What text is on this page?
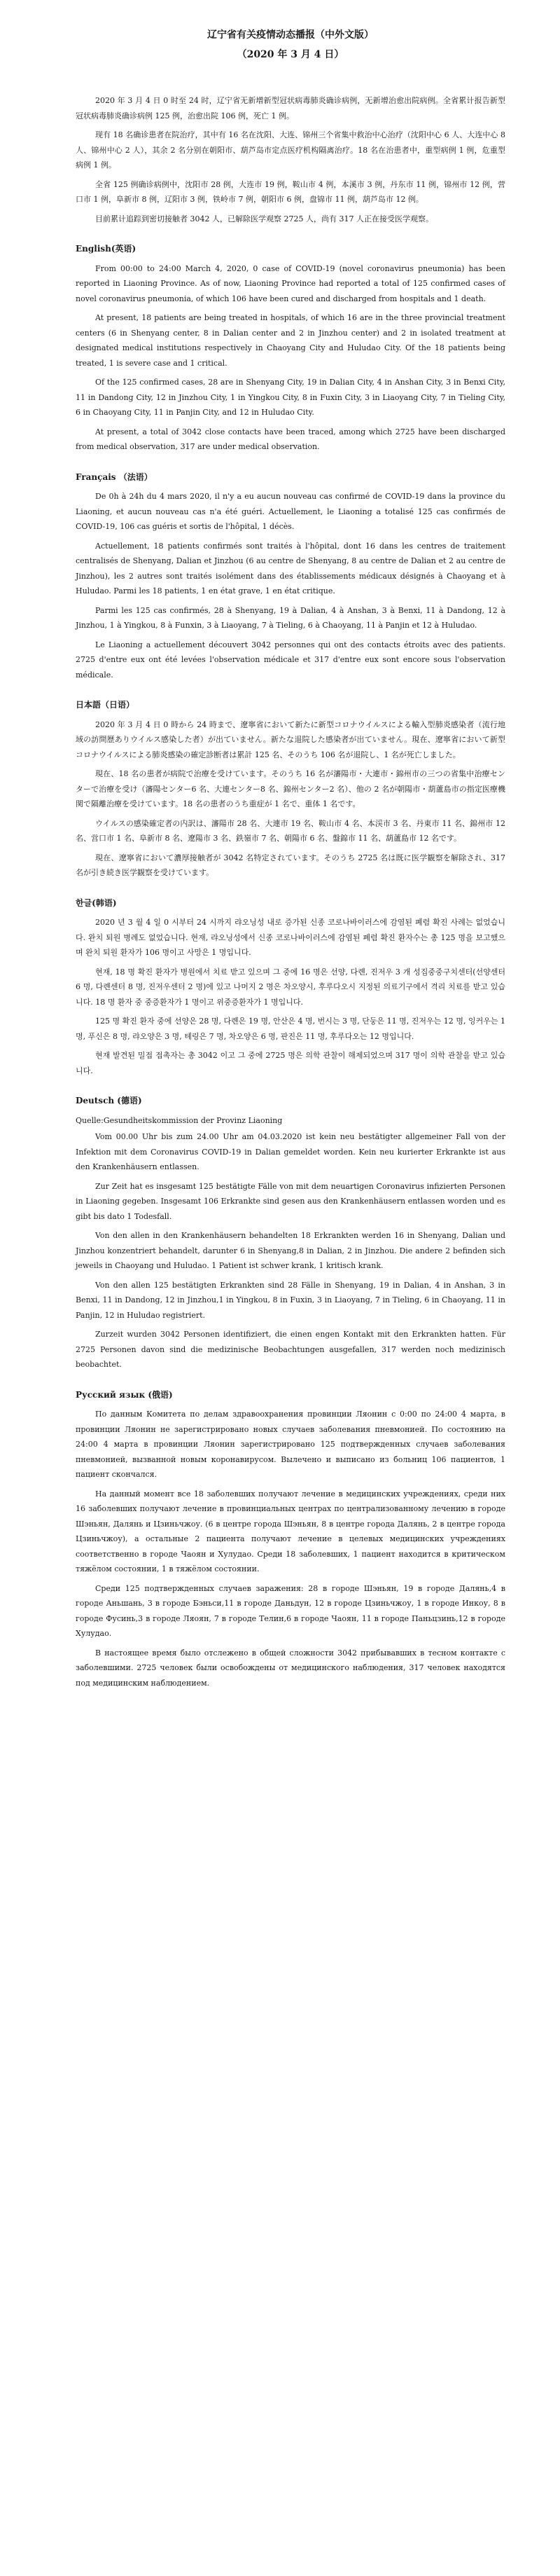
辽宁省有关疫情动态播报（中外文版）

（2020 年 3 月 4 日）

2020 年 3 月 4 日 0 时至 24 时，辽宁省无新增新型冠状病毒肺炎确诊病例，无新增治愈出院病例。全省累计报告新型冠状病毒肺炎确诊病例 125 例，治愈出院 106 例，死亡 1 例。

现有 18 名确诊患者在院治疗，其中有 16 名在沈阳、大连、锦州三个省集中救治中心治疗（沈阳中心 6 人、大连中心 8 人、锦州中心 2 人），其余 2 名分别在朝阳市、葫芦岛市定点医疗机构隔离治疗。18 名在治患者中，重型病例 1 例，危重型病例 1 例。

全省 125 例确诊病例中，沈阳市 28 例，大连市 19 例，鞍山市 4 例，本溪市 3 例，丹东市 11 例，锦州市 12 例，营口市 1 例，阜新市 8 例，辽阳市 3 例，铁岭市 7 例，朝阳市 6 例，盘锦市 11 例，葫芦岛市 12 例。

目前累计追踪到密切接触者 3042 人，已解除医学观察 2725 人，尚有 317 人正在接受医学观察。

English(英语)

From 00:00 to 24:00 March 4, 2020, 0 case of COVID-19 (novel coronavirus pneumonia) has been reported in Liaoning Province. As of now, Liaoning Province had reported a total of 125 confirmed cases of novel coronavirus pneumonia, of which 106 have been cured and discharged from hospitals and 1 death.

At present, 18 patients are being treated in hospitals, of which 16 are in the three provincial treatment centers (6 in Shenyang center, 8 in Dalian center and 2 in Jinzhou center) and 2 in isolated treatment at designated medical institutions respectively in Chaoyang City and Huludao City. Of the 18 patients being treated, 1 is severe case and 1 critical.

Of the 125 confirmed cases, 28 are in Shenyang City, 19 in Dalian City, 4 in Anshan City, 3 in Benxi City, 11 in Dandong City, 12 in Jinzhou City, 1 in Yingkou City, 8 in Fuxin City, 3 in Liaoyang City, 7 in Tieling City, 6 in Chaoyang City, 11 in Panjin City, and 12 in Huludao City.

At present, a total of 3042 close contacts have been traced, among which 2725 have been discharged from medical observation, 317 are under medical observation.

Français （法语）

De 0h à 24h du 4 mars 2020, il n'y a eu aucun nouveau cas confirmé de COVID-19 dans la province du Liaoning, et aucun nouveau cas n'a été guéri. Actuellement, le Liaoning a totalisé 125 cas confirmés de COVID-19, 106 cas guéris et sortis de l'hôpital, 1 décès.

Actuellement, 18 patients confirmés sont traités à l'hôpital, dont 16 dans les centres de traitement centralisés de Shenyang, Dalian et Jinzhou (6 au centre de Shenyang, 8 au centre de Dalian et 2 au centre de Jinzhou), les 2 autres sont traités isolément dans des établissements médicaux désignés à Chaoyang et à Huludao. Parmi les 18 patients, 1 en état grave, 1 en état critique.

Parmi les 125 cas confirmés, 28 à Shenyang, 19 à Dalian, 4 à Anshan, 3 à Benxi, 11 à Dandong, 12 à Jinzhou, 1 à Yingkou, 8 à Funxin, 3 à Liaoyang, 7 à Tieling, 6 à Chaoyang, 11 à Panjin et 12 à Huludao.

Le Liaoning a actuellement découvert 3042 personnes qui ont des contacts étroits avec des patients. 2725 d'entre eux ont été levées l'observation médicale et 317 d'entre eux sont encore sous l'observation médicale.

日本語（日语）

2020 年 3 月 4 日 0 時から 24 時まで、遼寧省において新たに新型コロナウイルスによる輸入型肺炎感染者（流行地域の訪問歴ありウイルス感染した者）が出ていません。新たな退院した感染者が出ていません。現在、遼寧省において新型コロナウイルスによる肺炎感染の確定診断者は累計 125 名、そのうち 106 名が退院し、1 名が死亡しました。

現在、18 名の患者が病院で治療を受けています。そのうち 16 名が瀋陽市・大連市・錦州市の三つの省集中治療センターで治療を受け（瀋陽センター6 名、大連センター8 名、錦州センター2 名）、他の 2 名が朝陽市・葫蘆島市の指定医療機関で隔離治療を受けています。18 名の患者のうち重症が 1 名で、重体 1 名です。

ウイルスの感染確定者の内訳は、瀋陽市 28 名、大連市 19 名、鞍山市 4 名、本渓市 3 名、丹東市 11 名、錦州市 12 名、営口市 1 名、阜新市 8 名、遼陽市 3 名、鉄嶺市 7 名、朝陽市 6 名、盤錦市 11 名、葫蘆島市 12 名です。

現在、遼寧省において濃厚接触者が 3042 名特定されています。そのうち 2725 名は既に医学観察を解除され、317 名が引き続き医学観察を受けています。

한글(韩语)

2020 년 3 월 4 일 0 시부터 24 시까지 랴오닝성 내로 증가된 신종 코로나바이러스에 감염된 폐렴 확진 사례는 없었습니다. 완치 퇴원 병례도 없었습니다. 현재, 랴오닝성에서 신종 코로나바이러스에 감염된 폐렴 확진 환자수는 총 125 명을 보고했으며 완치 퇴원 환자가 106 명이고 사망은 1 명입니다.

현재, 18 명 확진 환자가 병원에서 치료 받고 있으며 그 중에 16 명은 선양, 다롄, 진저우 3 개 성집중중구치센터(선양센터 6 명, 다롄센터 8 명, 진저우센터 2 명)에 있고 나머지 2 명은 차오양시, 후루다오시 지정된 의료기구에서 격리 치료를 받고 있습니다. 18 명 환자 중 중증환자가 1 명이고 위중증환자가 1 명입니다.

125 명 확진 환자 중에 선양은 28 명, 다롄은 19 명, 안산은 4 명, 번시는 3 명, 단둥은 11 명, 진저우는 12 명, 잉커우는 1 명, 푸신은 8 명, 랴오양은 3 명, 톄링은 7 명, 차오양은 6 명, 판진은 11 명, 후루다오는 12 명입니다.

현재 발견된 밀접 접촉자는 총 3042 이고 그 중에 2725 명은 의학 관찰이 해제되었으며 317 명이 의학 관찰을 받고 있습니다.

Deutsch (德语)

Quelle:Gesundheitskommission der Provinz Liaoning

Vom 00.00 Uhr bis zum 24.00 Uhr am 04.03.2020 ist kein neu bestätigter allgemeiner Fall von der Infektion mit dem Coronavirus COVID-19 in Dalian gemeldet worden. Kein neu kurierter Erkrankte ist aus den Krankenhäusern entlassen.

Zur Zeit hat es insgesamt 125 bestätigte Fälle von mit dem neuartigen Coronavirus infizierten Personen in Liaoning gegeben. Insgesamt 106 Erkrankte sind gesen aus den Krankenhäusern entlassen worden und es gibt bis dato 1 Todesfall.

Von den allen in den Krankenhäusern behandelten 18 Erkrankten werden 16 in Shenyang, Dalian und Jinzhou konzentriert behandelt, darunter 6 in Shenyang,8 in Dalian, 2 in Jinzhou. Die andere 2 befinden sich jeweils in Chaoyang und Huludao. 1 Patient ist schwer krank, 1 kritisch krank.

Von den allen 125 bestätigten Erkrankten sind 28 Fälle in Shenyang, 19 in Dalian, 4 in Anshan, 3 in Benxi, 11 in Dandong, 12 in Jinzhou,1 in Yingkou, 8 in Fuxin, 3 in Liaoyang, 7 in Tieling, 6 in Chaoyang, 11 in Panjin, 12 in Huludao registriert.

Zurzeit wurden 3042 Personen identifiziert, die einen engen Kontakt mit den Erkrankten hatten. Für 2725 Personen davon sind die medizinische Beobachtungen ausgefallen, 317 werden noch medizinisch beobachtet.

Русский язык (俄语)

По данным Комитета по делам здравоохранения провинции Ляонин с 0:00 по 24:00 4 марта, в провинции Ляонин не зарегистрировано новых случаев заболевания пневмонией. По состоянию на 24:00 4 марта в провинции Ляонин зарегистрировано 125 подтвержденных случаев заболевания пневмонией, вызванной новым коронавирусом. Вылечено и выписано из больниц 106 пациентов, 1 пациент скончался.

На данный момент все 18 заболевших получают лечение в медицинских учреждениях, среди них 16 заболевших получают лечение в провинциальных центрах по централизованному лечению в городе Шэньян, Далянь и Цзиньчжоу. (6 в центре города Шэньян, 8 в центре города Далянь, 2 в центре города Цзиньчжоу), а остальные 2 пациента получают лечение в целевых медицинских учреждениях соответственно в городе Чаоян и Хулудао. Среди 18 заболевших, 1 пациент находится в критическом тяжёлом состоянии, 1 в тяжёлом состоянии.

Среди 125 подтвержденных случаев заражения: 28 в городе Шэньян, 19 в городе Далянь,4 в городе Аньшань, 3 в городе Бэньси,11 в городе Даньдун, 12 в городе Цзиньчжоу, 1 в городе Инкоу, 8 в городе Фусинь,3 в городе Ляоян, 7 в городе Телин,6 в городе Чаоян, 11 в городе Паньцзинь,12 в городе Хулудао.

В настоящее время было отслежено в общей сложности 3042 прибывавших в тесном контакте с заболевшими. 2725 человек были освобождены от медицинского наблюдения, 317 человек находятся под медицинским наблюдением.
